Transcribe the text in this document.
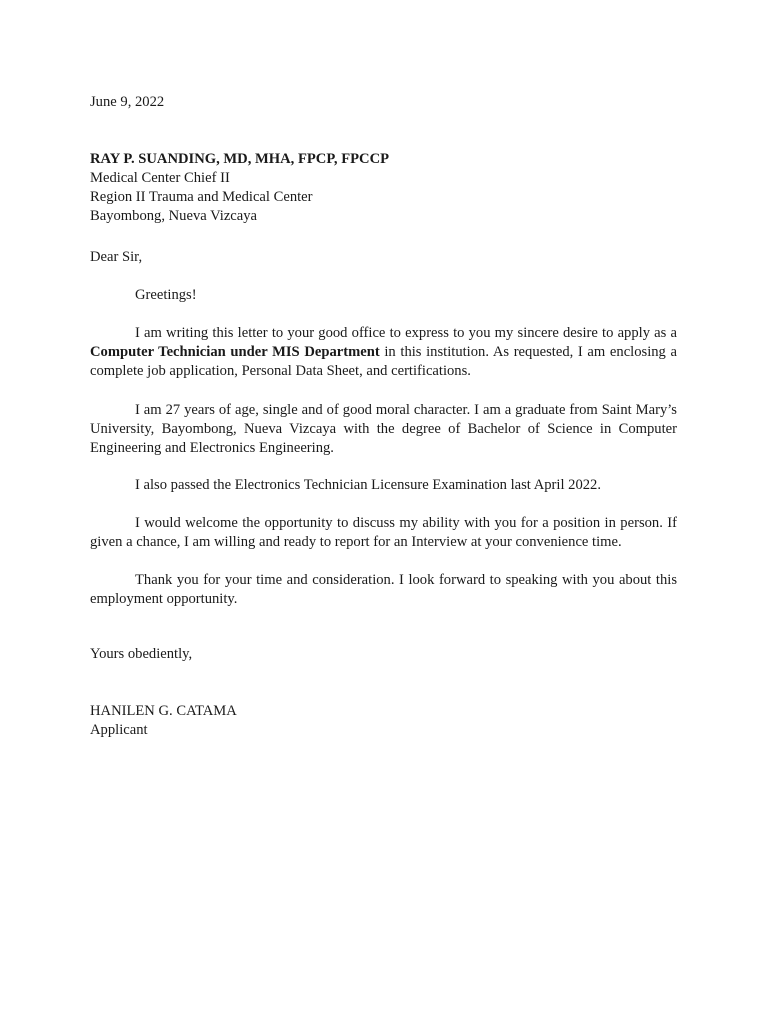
June 9, 2022
RAY P. SUANDING, MD, MHA, FPCP, FPCCP
Medical Center Chief II
Region II Trauma and Medical Center
Bayombong, Nueva Vizcaya
Dear Sir,

Greetings!

I am writing this letter to your good office to express to you my sincere desire to apply as a Computer Technician under MIS Department in this institution. As requested, I am enclosing a complete job application, Personal Data Sheet, and certifications.

I am 27 years of age, single and of good moral character. I am a graduate from Saint Mary’s University, Bayombong, Nueva Vizcaya with the degree of Bachelor of Science in Computer Engineering and Electronics Engineering.

I also passed the Electronics Technician Licensure Examination last April 2022.

I would welcome the opportunity to discuss my ability with you for a position in person. If given a chance, I am willing and ready to report for an Interview at your convenience time.

Thank you for your time and consideration. I look forward to speaking with you about this employment opportunity.

Yours obediently,
HANILEN G. CATAMA
Applicant
